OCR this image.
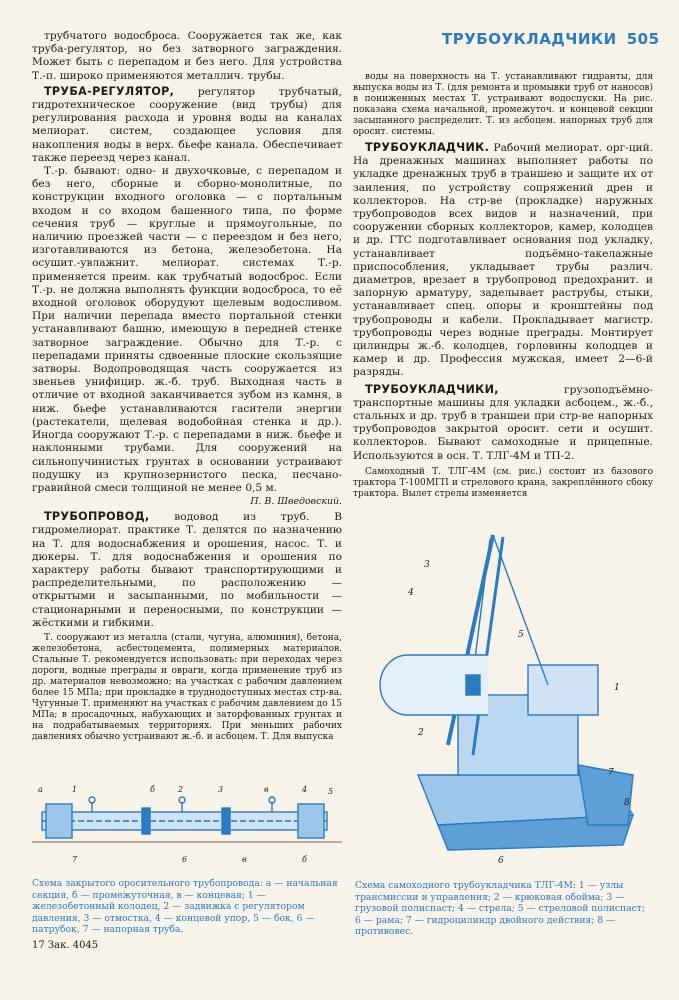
ТРУБОУКЛАДЧИКИ 505

трубчатого водосброса. Сооружается так же, как труба-регулятор, но без затворного заграждения. Может быть с перепадом и без него. Для устройства Т.-п. широко применяются металлич. трубы.

ТРУБА-РЕГУЛЯТОР, регулятор трубчатый, гидротехническое сооружение (вид трубы) для регулирования расхода и уровня воды на каналах мелиорат. систем, создающее условия для накопления воды в верх. бьефе канала. Обеспечивает также переезд через канал.

Т.-р. бывают: одно- и двухочковые, с перепадом и без него, сборные и сборно-монолитные, по конструкции входного оголовка — с портальным входом и со входом башенного типа, по форме сечения труб — круглые и прямоугольные, по наличию проезжей части — с переездом и без него, изготавливаются из бетона, железобетона. На осушит.-увлажнит. мелиорат. системах Т.-р. применяется преим. как трубчатый водосброс. Если Т.-р. не должна выполнять функции водосброса, то её входной оголовок оборудуют щелевым водосливом. При наличии перепада вместо портальной стенки устанавливают башню, имеющую в передней стенке затворное заграждение. Обычно для Т.-р. с перепадами приняты сдвоенные плоские скользящие затворы. Водопроводящая часть сооружается из звеньев унифицир. ж.-б. труб. Выходная часть в отличие от входной заканчивается зубом из камня, в ниж. бьефе устанавливаются гасители энергии (растекатели, щелевая водобойная стенка и др.). Иногда сооружают Т.-р. с перепадами в ниж. бьефе и наклонными трубами. Для сооружений на сильнопучинистых грунтах в основании устраивают подушку из крупнозернистого песка, песчано-гравийной смеси толщиной не менее 0,5 м.

П. В. Шведовский.

ТРУБОПРОВОД, водовод из труб. В гидромелиорат. практике Т. делятся по назначению на Т. для водоснабжения и орошения, насос. Т. и дюкеры. Т. для водоснабжения и орошения по характеру работы бывают транспортирующими и распределительными, по расположению — открытыми и засыпанными, по мобильности — стационарными и переносными, по конструкции — жёсткими и гибкими.

Т. сооружают из металла (стали, чугуна, алюминия), бетона, железобетона, асбестоцемента, полимерных материалов. Стальные Т. рекомендуется использовать: при переходах через дороги, водные преграды и овраги, когда применение труб из др. материалов невозможно; на участках с рабочим давлением более 15 МПа; при прокладке в труднодоступных местах стр-ва. Чугунные Т. применяют на участках с рабочим давлением до 15 МПа; в просадочных, набухающих и заторфованных грунтах и на подрабатываемых территориях. При меньших рабочих давлениях обычно устраивают ж.-б. и асбоцем. Т. Для выпуска

воды на поверхность на Т. устанавливают гидранты, для выпуска воды из Т. (для ремонта и промывки труб от наносов) в пониженных местах Т. устраивают водоспуски. На рис. показана схема начальной, промежуточ. и концевой секции засыпанного распределит. Т. из асбоцем. напорных труб для оросит. системы.

ТРУБОУКЛАДЧИК. Рабочий мелиорат. орг-ций. На дренажных машинах выполняет работы по укладке дренажных труб в траншею и защите их от заиления, по устройству сопряжений дрен и коллекторов. На стр-ве (прокладке) наружных трубопроводов всех видов и назначений, при сооружении сборных коллекторов, камер, колодцев и др. ГТС подготавливает основания под укладку, устанавливает подъёмно-такелажные приспособления, укладывает трубы различ. диаметров, врезает в трубопровод предохранит. и запорную арматуру, заделывает раструбы, стыки, устанавливает спец. опоры и кронштейны под трубопроводы и кабели. Прокладывает магистр. трубопроводы через водные преграды. Монтирует цилиндры ж.-б. колодцев, горловины колодцев и камер и др. Профессия мужская, имеет 2—6-й разряды.

ТРУБОУКЛАДЧИКИ,	грузоподъёмно-транспортные машины для укладки асбоцем., ж.-б., стальных и др. труб в траншеи при стр-ве напорных трубопроводов закрытой оросит. сети и осушит. коллекторов. Бывают самоходные и прицепные. Используются в осн. Т. ТЛГ-4М и ТП-2.

Самоходный Т. ТЛГ-4М (см. рис.) состоит из базового трактора Т-100МГП и стрелового крана, закреплённого сбоку трактора. Вылет стрелы изменяется

а	1	б	2	3	в	4	5
7	6	в	б
3
4
5
1
2
7
8
6
Схема закрытого оросительного трубопровода: а — начальная секция, б — промежуточная, в — концевая; 1 — железобетонный колодец, 2 — задвижка с регулятором давления, 3 — отмостка, 4 — концевой упор, 5 — бок, 6 — патрубок, 7 — напорная труба.
Схема самоходного трубоукладчика ТЛГ-4М: 1 — узлы трансмиссии и управления; 2 — крюковая обойма; 3 — грузовой полиспаст; 4 — стрела; 5 — стреловой полиспаст; 6 — рама; 7 — гидроцилиндр двойного действия; 8 — противовес.
17 Зак. 4045
